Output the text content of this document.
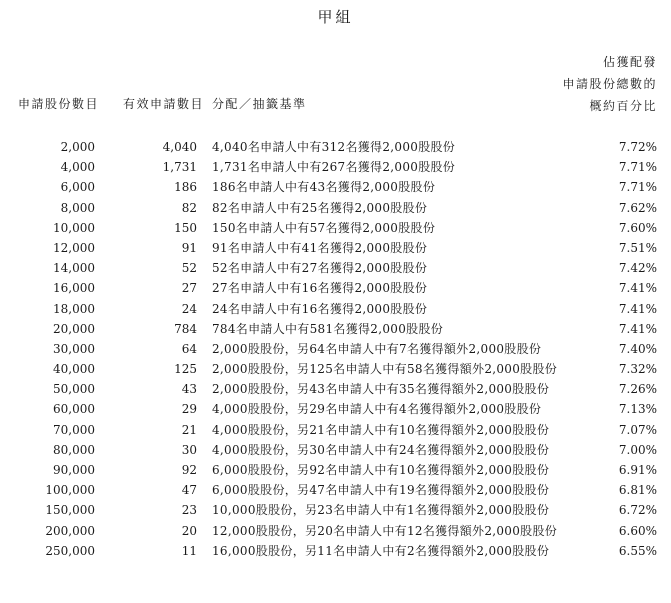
甲組
申請股份數目 有效申請數目 分配／抽籤基準
佔獲配發
申請股份總數的
概約百分比
2,000	4,040 4,040名申請人中有312名獲得2,000股股份	7.72%
4,000	1,731 1,731名申請人中有267名獲得2,000股股份	7.71%
6,000	186 186名申請人中有43名獲得2,000股股份	7.71%
8,000	82 82名申請人中有25名獲得2,000股股份	7.62%
10,000	150 150名申請人中有57名獲得2,000股股份	7.60%
12,000	91 91名申請人中有41名獲得2,000股股份	7.51%
14,000	52 52名申請人中有27名獲得2,000股股份	7.42%
16,000	27 27名申請人中有16名獲得2,000股股份	7.41%
18,000	24 24名申請人中有16名獲得2,000股股份	7.41%
20,000	784 784名申請人中有581名獲得2,000股股份	7.41%
30,000	64 2,000股股份，另64名申請人中有7名獲得額外2,000股股份	7.40%
40,000	125 2,000股股份，另125名申請人中有58名獲得額外2,000股股份	7.32%
50,000	43 2,000股股份，另43名申請人中有35名獲得額外2,000股股份	7.26%
60,000	29 4,000股股份，另29名申請人中有4名獲得額外2,000股股份	7.13%
70,000	21 4,000股股份，另21名申請人中有10名獲得額外2,000股股份	7.07%
80,000	30 4,000股股份，另30名申請人中有24名獲得額外2,000股股份	7.00%
90,000	92 6,000股股份，另92名申請人中有10名獲得額外2,000股股份	6.91%
100,000	47 6,000股股份，另47名申請人中有19名獲得額外2,000股股份	6.81%
150,000	23 10,000股股份，另23名申請人中有1名獲得額外2,000股股份	6.72%
200,000	20 12,000股股份，另20名申請人中有12名獲得額外2,000股股份	6.60%
250,000	11 16,000股股份，另11名申請人中有2名獲得額外2,000股股份	6.55%
